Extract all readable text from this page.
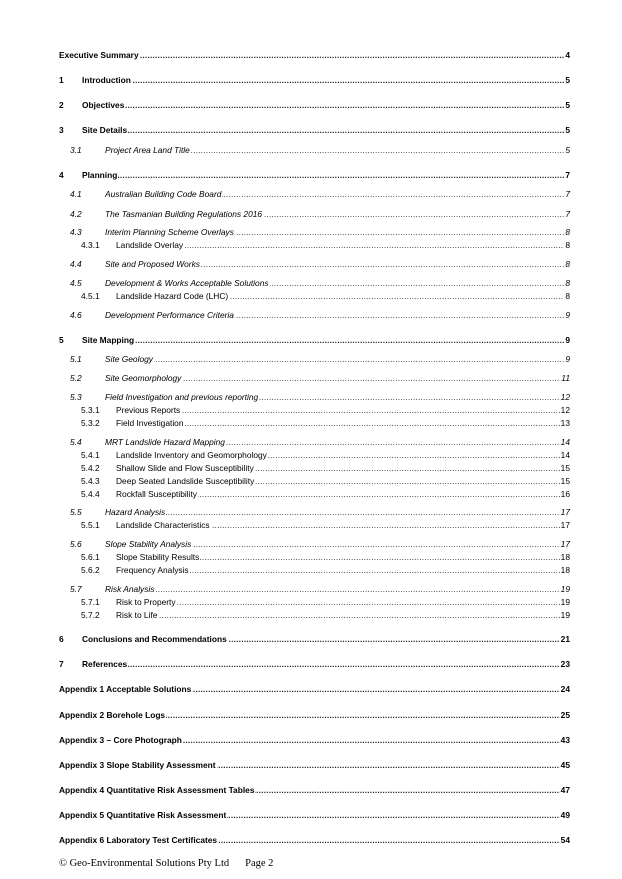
.....
Executive Summary	4
.....
1 Introduction	5
.....
2 Objectives	5
.....
3 Site Details	5
.....
3.1	Project Area Land Title	5
.....
4 Planning	7
.....
4.1	Australian Building Code Board	7
.....
4.2	The Tasmanian Building Regulations 2016	7
.....
4.3	Interim Planning Scheme Overlays	8
.....
4.3.1 Landslide Overlay	8
.....
4.4	Site and Proposed Works	8
.....
4.5	Development & Works Acceptable Solutions	8
.....
4.5.1 Landslide Hazard Code (LHC)	8
.....
4.6	Development Performance Criteria	9
.....
5 Site Mapping	9
.....
5.1	Site Geology	9
.....
5.2	Site Geomorphology	11
.....
5.3	Field Investigation and previous reporting	12
.....
5.3.1 Previous Reports	12
.....
5.3.2 Field Investigation	13
.....
5.4	MRT Landslide Hazard Mapping	14
.....
5.4.1 Landslide Inventory and Geomorphology	14
.....
5.4.2 Shallow Slide and Flow Susceptibility	15
.....
5.4.3 Deep Seated Landslide Susceptibility	15
.....
5.4.4 Rockfall Susceptibility	16
.....
5.5	Hazard Analysis	17
.....
5.5.1 Landslide Characteristics	17
.....
5.6	Slope Stability Analysis	17
.....
5.6.1 Slope Stability Results	18
.....
5.6.2 Frequency Analysis	18
.....
5.7	Risk Analysis	19
.....
5.7.1 Risk to Property	19
.....
5.7.2 Risk to Life	19
.....
6 Conclusions and Recommendations	21
.....
7 References	23
.....
Appendix 1 Acceptable Solutions	24
.....
Appendix 2 Borehole Logs	25
.....
Appendix 3 – Core Photograph	43
.....
Appendix 3 Slope Stability Assessment	45
.....
Appendix 4 Quantitative Risk Assessment Tables	47
.....
Appendix 5 Quantitative Risk Assessment	49
.....
Appendix 6 Laboratory Test Certificates	54
© Geo-Environmental Solutions Pty Ltd Page 2
